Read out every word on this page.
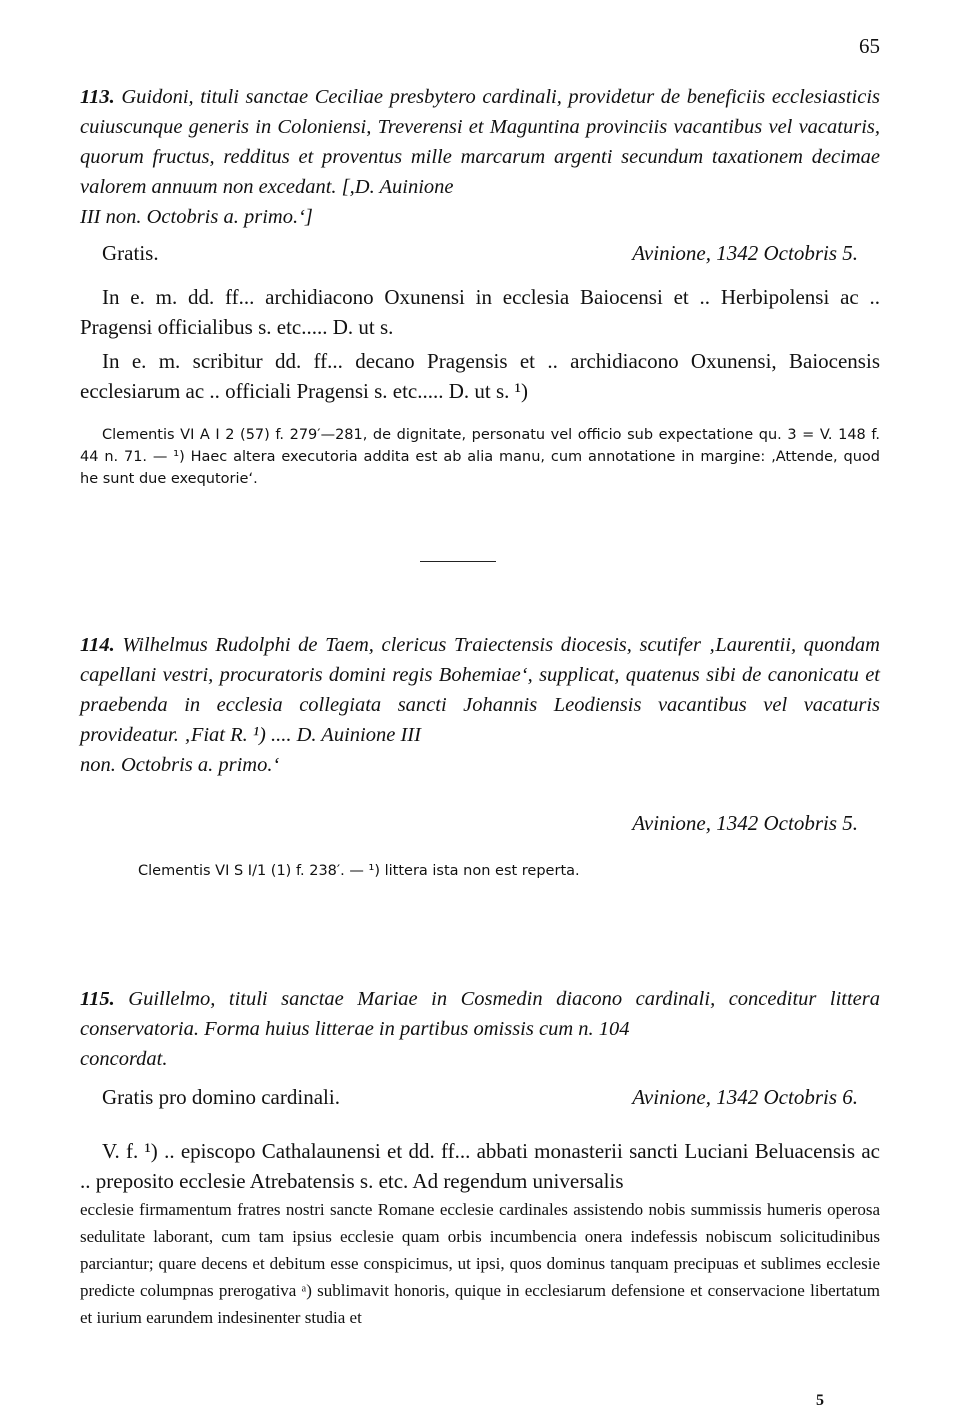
65
113. Guidoni, tituli sanctae Ceciliae presbytero cardinali, providetur de beneficiis ecclesiasticis cuiuscunque generis in Coloniensi, Treverensi et Maguntina provinciis vacantibus vel vacaturis, quorum fructus, redditus et proventus mille marcarum argenti secundum taxationem decimae valorem annuum non excedant. [,D. Auinione
III non. Octobris a. primo.‘]
Gratis.	Avinione, 1342 Octobris 5.

In e. m. dd. ff... archidiacono Oxunensi in ecclesia Baiocensi et .. Herbipolensi ac .. Pragensi officialibus s. etc..... D. ut s.

In e. m. scribitur dd. ff... decano Pragensis et .. archidiacono Oxunensi, Baiocensis ecclesiarum ac .. officiali Pragensi s. etc..... D. ut s. ¹)

Clementis VI A I 2 (57) f. 279′—281, de dignitate, personatu vel officio sub expectatione qu. 3 = V. 148 f. 44 n. 71. — ¹) Haec altera executoria addita est ab alia manu, cum annotatione in margine: ‚Attende, quod he sunt due exequtorie‘.

114. Wilhelmus Rudolphi de Taem, clericus Traiectensis diocesis, scutifer ‚Laurentii, quondam capellani vestri, procuratoris domini regis Bohemiae‘, supplicat, quatenus sibi de canonicatu et praebenda in ecclesia collegiata sancti Johannis Leodiensis vacantibus vel vacaturis provideatur. ‚Fiat R. ¹) .... D. Auinione III
non. Octobris a. primo.‘
Avinione, 1342 Octobris 5.
Clementis VI S I/1 (1) f. 238′. — ¹) littera ista non est reperta.
115. Guillelmo, tituli sanctae Mariae in Cosmedin diacono cardinali, conceditur littera conservatoria. Forma huius litterae in partibus omissis cum n. 104
concordat.
Gratis pro domino cardinali.	Avinione, 1342 Octobris 6.

V. f. ¹) .. episcopo Cathalaunensi et dd. ff... abbati monasterii sancti Luciani Beluacensis ac .. preposito ecclesie Atrebatensis s. etc. Ad regendum universalis

ecclesie firmamentum fratres nostri sancte Romane ecclesie cardinales assistendo nobis summissis humeris operosa sedulitate laborant, cum tam ipsius ecclesie quam orbis incumbencia onera indefessis nobiscum solicitudinibus parciantur; quare decens et debitum esse conspicimus, ut ipsi, quos dominus tanquam precipuas et sublimes ecclesie predicte columpnas prerogativa ᵃ) sublimavit honoris, quique in ecclesiarum defensione et conservacione libertatum et iurium earundem indesinenter studia et

5
